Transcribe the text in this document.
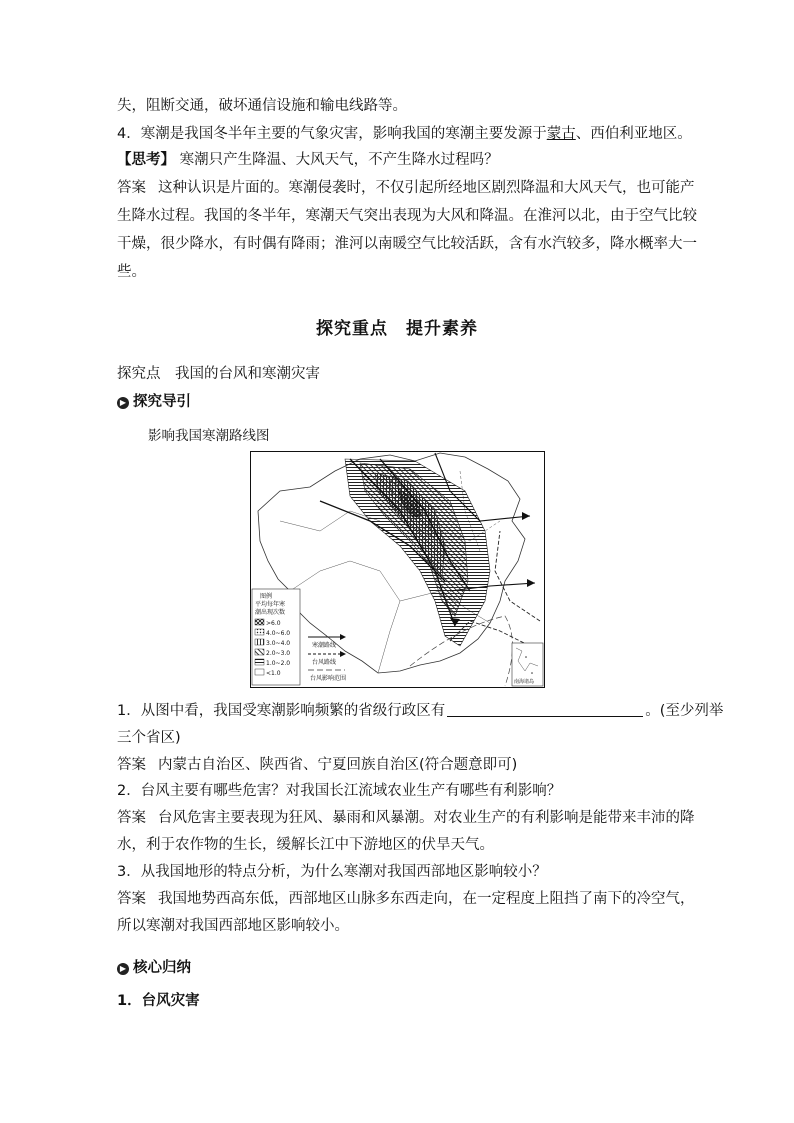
失，阻断交通，破坏通信设施和输电线路等。
4．寒潮是我国冬半年主要的气象灾害，影响我国的寒潮主要发源于蒙古、西伯利亚地区。
【思考】 寒潮只产生降温、大风天气，不产生降水过程吗？
答案 这种认识是片面的。寒潮侵袭时，不仅引起所经地区剧烈降温和大风天气，也可能产
生降水过程。我国的冬半年，寒潮天气突出表现为大风和降温。在淮河以北，由于空气比较
干燥，很少降水，有时偶有降雨；淮河以南暖空气比较活跃，含有水汽较多，降水概率大一
些。
探究重点　提升素养
探究点　我国的台风和寒潮灾害
▶ 探究导引
影响我国寒潮路线图
图例
平均每年寒
潮出现次数
>6.0
4.0~6.0
3.0~4.0
2.0~3.0
1.0~2.0
<1.0
寒潮路线
台风路线
台风影响范围	南海诸岛
1．从图中看，我国受寒潮影响频繁的省级行政区有	。(至少列举
三个省区)
答案 内蒙古自治区、陕西省、宁夏回族自治区(符合题意即可)
2．台风主要有哪些危害？对我国长江流域农业生产有哪些有利影响？
答案 台风危害主要表现为狂风、暴雨和风暴潮。对农业生产的有利影响是能带来丰沛的降
水，利于农作物的生长，缓解长江中下游地区的伏旱天气。
3．从我国地形的特点分析，为什么寒潮对我国西部地区影响较小？
答案 我国地势西高东低，西部地区山脉多东西走向，在一定程度上阻挡了南下的冷空气，
所以寒潮对我国西部地区影响较小。
▶ 核心归纳
1．台风灾害
